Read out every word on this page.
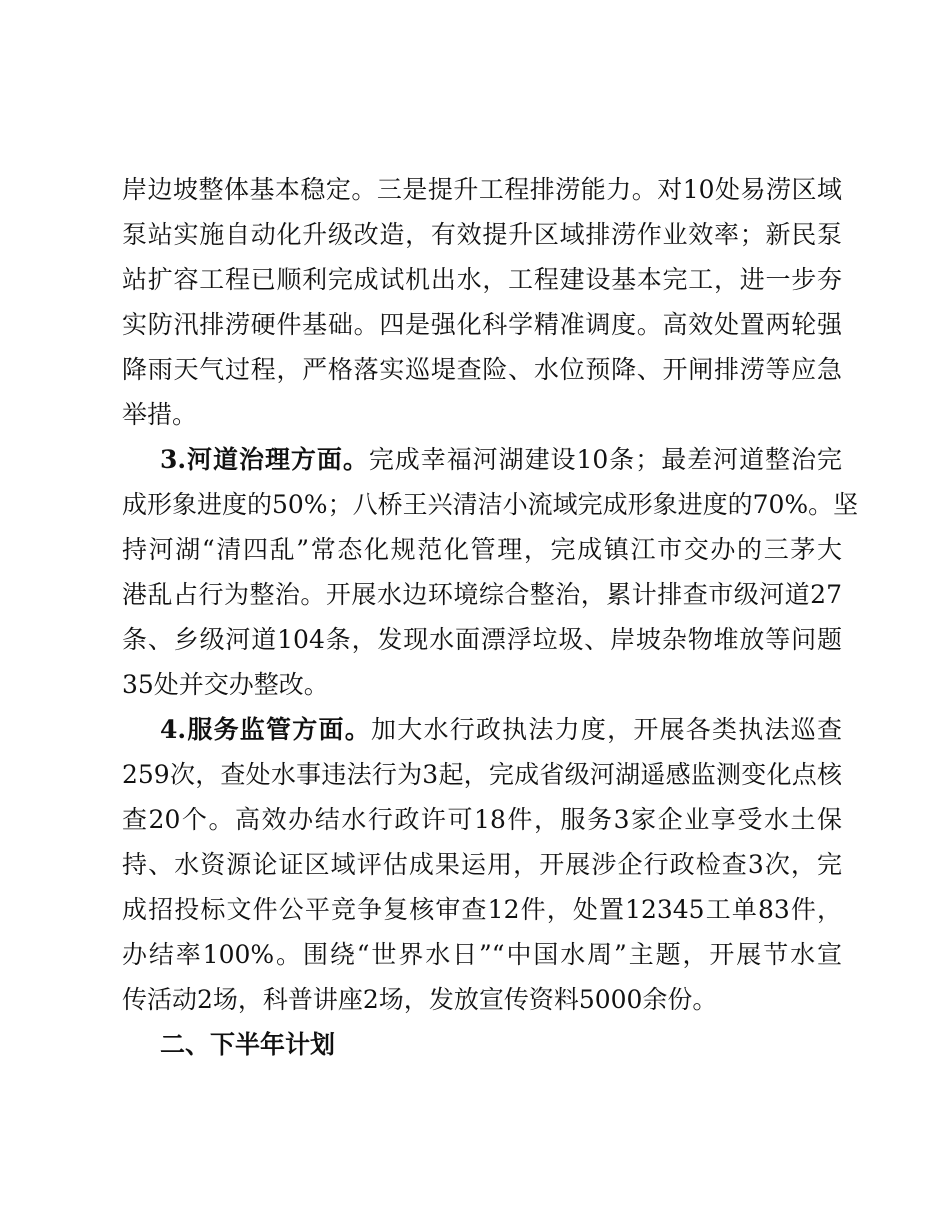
岸边坡整体基本稳定。三是提升工程排涝能力。对10处易涝区域
泵站实施自动化升级改造，有效提升区域排涝作业效率；新民泵
站扩容工程已顺利完成试机出水，工程建设基本完工，进一步夯
实防汛排涝硬件基础。四是强化科学精准调度。高效处置两轮强
降雨天气过程，严格落实巡堤查险、水位预降、开闸排涝等应急
举措。
3.河道治理方面。完成幸福河湖建设10条；最差河道整治完
成形象进度的50%；八桥王兴清洁小流域完成形象进度的70%。坚
持河湖“清四乱”常态化规范化管理，完成镇江市交办的三茅大
港乱占行为整治。开展水边环境综合整治，累计排查市级河道27
条、乡级河道104条，发现水面漂浮垃圾、岸坡杂物堆放等问题
35处并交办整改。
4.服务监管方面。加大水行政执法力度，开展各类执法巡查
259次，查处水事违法行为3起，完成省级河湖遥感监测变化点核
查20个。高效办结水行政许可18件，服务3家企业享受水土保
持、水资源论证区域评估成果运用，开展涉企行政检查3次，完
成招投标文件公平竞争复核审查12件，处置12345工单83件，
办结率100%。围绕“世界水日”“中国水周”主题，开展节水宣
传活动2场，科普讲座2场，发放宣传资料5000余份。
二、下半年计划
